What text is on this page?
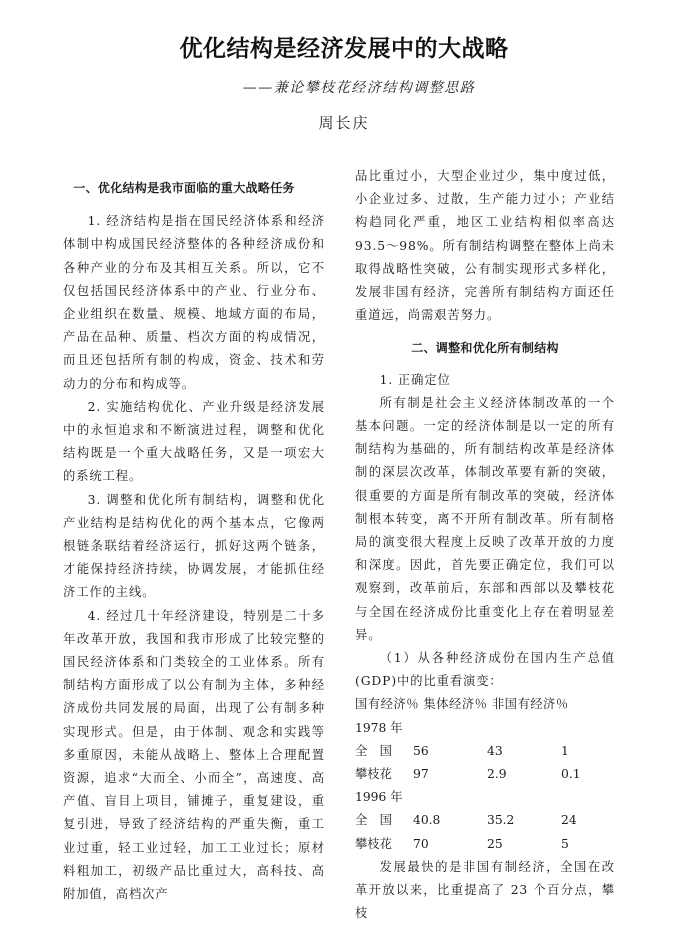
优化结构是经济发展中的大战略
——兼论攀枝花经济结构调整思路
周长庆
一、优化结构是我市面临的重大战略任务

1. 经济结构是指在国民经济体系和经济体制中构成国民经济整体的各种经济成份和各种产业的分布及其相互关系。所以，它不仅包括国民经济体系中的产业、行业分布、企业组织在数量、规模、地域方面的布局，产品在品种、质量、档次方面的构成情况，而且还包括所有制的构成，资金、技术和劳动力的分布和构成等。

2. 实施结构优化、产业升级是经济发展中的永恒追求和不断演进过程，调整和优化结构既是一个重大战略任务，又是一项宏大的系统工程。

3. 调整和优化所有制结构，调整和优化产业结构是结构优化的两个基本点，它像两根链条联结着经济运行，抓好这两个链条，才能保持经济持续，协调发展，才能抓住经济工作的主线。

4. 经过几十年经济建设，特别是二十多年改革开放，我国和我市形成了比较完整的国民经济体系和门类较全的工业体系。所有制结构方面形成了以公有制为主体，多种经济成份共同发展的局面，出现了公有制多种实现形式。但是，由于体制、观念和实践等多重原因，未能从战略上、整体上合理配置资源，追求“大而全、小而全”，高速度、高产值、盲目上项目，铺摊子，重复建设，重复引进，导致了经济结构的严重失衡，重工业过重，轻工业过轻，加工工业过长；原材料粗加工，初级产品比重过大，高科技、高附加值，高档次产

品比重过小，大型企业过少，集中度过低，小企业过多、过散，生产能力过小；产业结构趋同化严重，地区工业结构相似率高达 93.5～98%。所有制结构调整在整体上尚未取得战略性突破，公有制实现形式多样化，发展非国有经济，完善所有制结构方面还任重道远，尚需艰苦努力。

二、调整和优化所有制结构
1. 正确定位

所有制是社会主义经济体制改革的一个基本问题。一定的经济体制是以一定的所有制结构为基础的，所有制结构改革是经济体制的深层次改革，体制改革要有新的突破，很重要的方面是所有制改革的突破，经济体制根本转变，离不开所有制改革。所有制格局的演变很大程度上反映了改革开放的力度和深度。因此，首先要正确定位，我们可以观察到，改革前后，东部和西部以及攀枝花与全国在经济成份比重变化上存在着明显差异。

（1）从各种经济成份在国内生产总值(GDP)中的比重看演变：

国有经济％ 集体经济％ 非国有经济％			
1978 年			
全　国	56	43	1
攀枝花	97	2.9	0.1
1996 年			
全　国	40.8	35.2	24
攀枝花	70	25	5

发展最快的是非国有制经济，全国在改革开放以来，比重提高了 23 个百分点，攀枝
